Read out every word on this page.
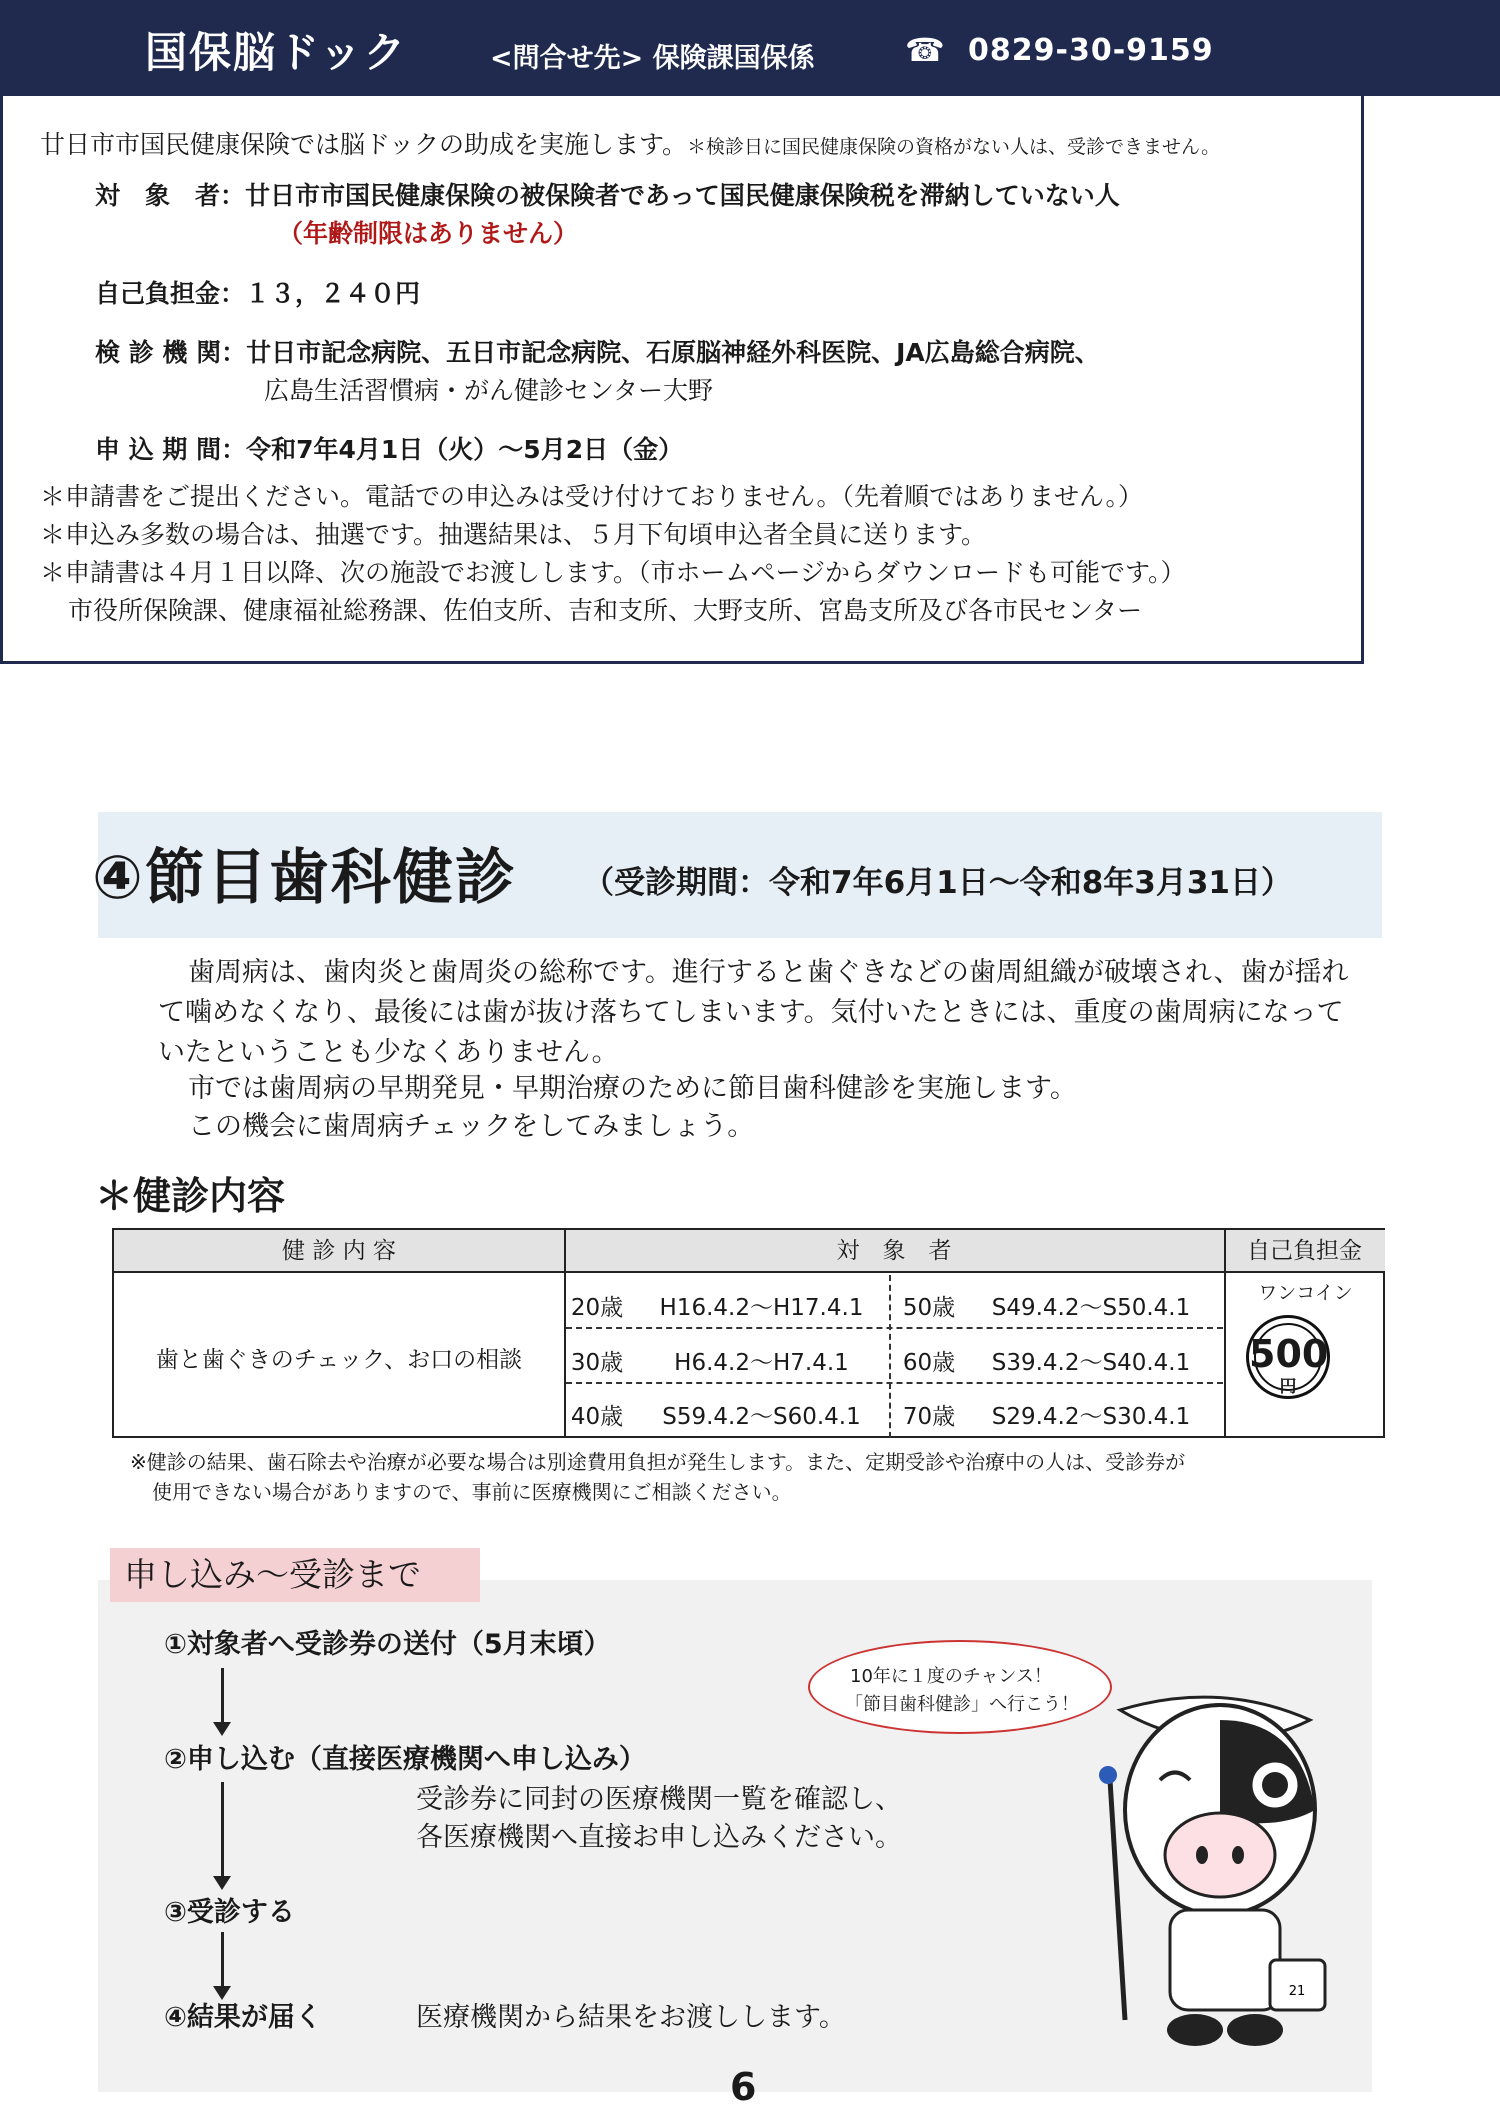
国保脳ドック	<問合せ先> 保険課国保係	☎ 0829-30-9159
廿日市市国民健康保険では脳ドックの助成を実施します。＊検診日に国民健康保険の資格がない人は、受診できません。
対　象　者：廿日市市国民健康保険の被保険者であって国民健康保険税を滞納していない人
（年齢制限はありません）
自己負担金：１３，２４０円
検 診 機 関：廿日市記念病院、五日市記念病院、石原脳神経外科医院、JA広島総合病院、
広島生活習慣病・がん健診センター大野
申 込 期 間：令和7年4月1日（火）～5月2日（金）
＊申請書をご提出ください。電話での申込みは受け付けておりません。（先着順ではありません。）
＊申込み多数の場合は、抽選です。抽選結果は、５月下旬頃申込者全員に送ります。
＊申請書は４月１日以降、次の施設でお渡しします。（市ホームページからダウンロードも可能です。）
市役所保険課、健康福祉総務課、佐伯支所、吉和支所、大野支所、宮島支所及び各市民センター
④節目歯科健診 （受診期間：令和7年6月1日～令和8年3月31日）
歯周病は、歯肉炎と歯周炎の総称です。進行すると歯ぐきなどの歯周組織が破壊され、歯が揺れ
て噛めなくなり、最後には歯が抜け落ちてしまいます。気付いたときには、重度の歯周病になって
いたということも少なくありません。
市では歯周病の早期発見・早期治療のために節目歯科健診を実施します。
この機会に歯周病チェックをしてみましょう。
＊健診内容
健 診 内 容	対　象　者	自己負担金
歯と歯ぐきのチェック、お口の相談
20歳	H16.4.2～H17.4.1	50歳	S49.4.2～S50.4.1
30歳	H6.4.2～H7.4.1	60歳	S39.4.2～S40.4.1
40歳	S59.4.2～S60.4.1	70歳	S29.4.2～S30.4.1
ワンコイン
500
円
※健診の結果、歯石除去や治療が必要な場合は別途費用負担が発生します。また、定期受診や治療中の人は、受診券が
使用できない場合がありますので、事前に医療機関にご相談ください。
申し込み～受診まで
①対象者へ受診券の送付（5月末頃）
②申し込む（直接医療機関へ申し込み）
受診券に同封の医療機関一覧を確認し、
各医療機関へ直接お申し込みください。
③受診する
④結果が届く	医療機関から結果をお渡しします。
10年に１度のチャンス！
「節目歯科健診」へ行こう！
21
6
